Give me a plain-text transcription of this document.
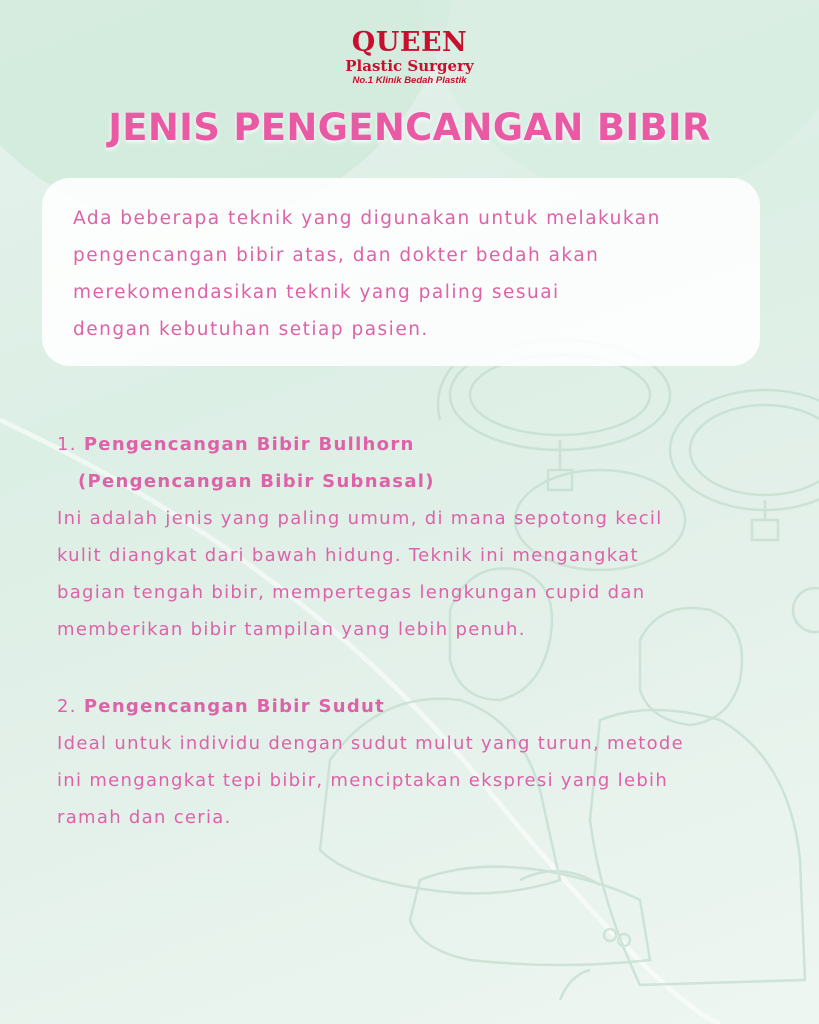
QUEEN
Plastic Surgery
No.1 Klinik Bedah Plastik
JENIS PENGENCANGAN BIBIR

Ada beberapa teknik yang digunakan untuk melakukan
pengencangan bibir atas, dan dokter bedah akan
merekomendasikan teknik yang paling sesuai
dengan kebutuhan setiap pasien.

1. Pengencangan Bibir Bullhorn
(Pengencangan Bibir Subnasal)
Ini adalah jenis yang paling umum, di mana sepotong kecil
kulit diangkat dari bawah hidung. Teknik ini mengangkat
bagian tengah bibir, mempertegas lengkungan cupid dan
memberikan bibir tampilan yang lebih penuh.
2. Pengencangan Bibir Sudut
Ideal untuk individu dengan sudut mulut yang turun, metode
ini mengangkat tepi bibir, menciptakan ekspresi yang lebih
ramah dan ceria.
